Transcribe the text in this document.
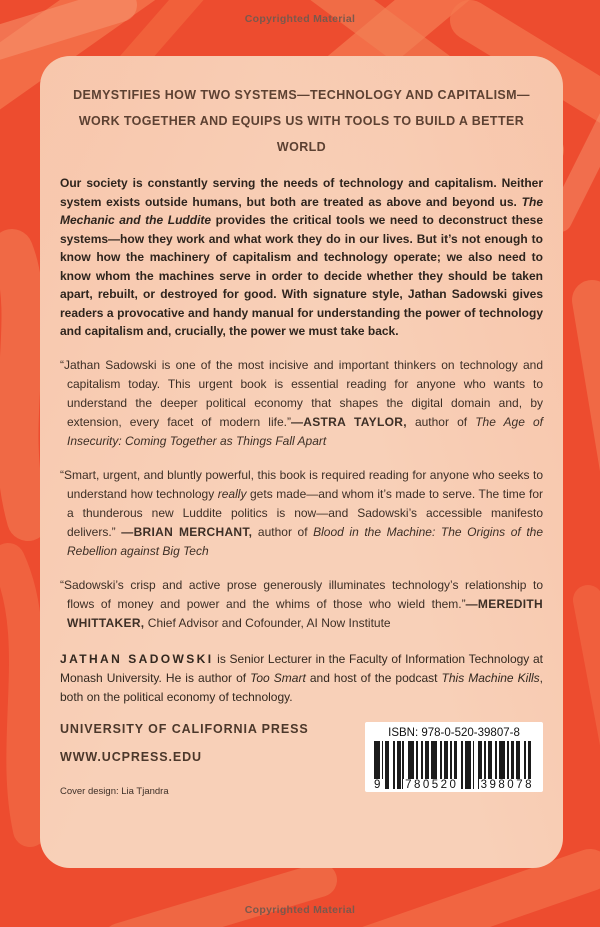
Copyrighted Material
DEMYSTIFIES HOW TWO SYSTEMS—TECHNOLOGY AND CAPITALISM— WORK TOGETHER AND EQUIPS US WITH TOOLS TO BUILD A BETTER WORLD

Our society is constantly serving the needs of technology and capitalism. Neither system exists outside humans, but both are treated as above and beyond us. The Mechanic and the Luddite provides the critical tools we need to deconstruct these systems—how they work and what work they do in our lives. But it’s not enough to know how the machinery of capitalism and technology operate; we also need to know whom the machines serve in order to decide whether they should be taken apart, rebuilt, or destroyed for good. With signature style, Jathan Sadowski gives readers a provocative and handy manual for understanding the power of technology and capitalism and, crucially, the power we must take back.

“Jathan Sadowski is one of the most incisive and important thinkers on technology and capitalism today. This urgent book is essential reading for anyone who wants to understand the deeper political economy that shapes the digital domain and, by extension, every facet of modern life.”—ASTRA TAYLOR, author of The Age of Insecurity: Coming Together as Things Fall Apart

“Smart, urgent, and bluntly powerful, this book is required reading for anyone who seeks to understand how technology really gets made—and whom it’s made to serve. The time for a thunderous new Luddite politics is now—and Sadowski’s accessible manifesto delivers.” —BRIAN MERCHANT, author of Blood in the Machine: The Origins of the Rebellion against Big Tech

“Sadowski’s crisp and active prose generously illuminates technology’s relationship to flows of money and power and the whims of those who wield them.”—MEREDITH WHITTAKER, Chief Advisor and Cofounder, AI Now Institute

JATHAN SADOWSKI is Senior Lecturer in the Faculty of Information Technology at Monash University. He is author of Too Smart and host of the podcast This Machine Kills, both on the political economy of technology.

UNIVERSITY OF CALIFORNIA PRESS
WWW.UCPRESS.EDU
Cover design: Lia Tjandra
ISBN: 978-0-520-39807-8
9 780520 398078
Copyrighted Material
